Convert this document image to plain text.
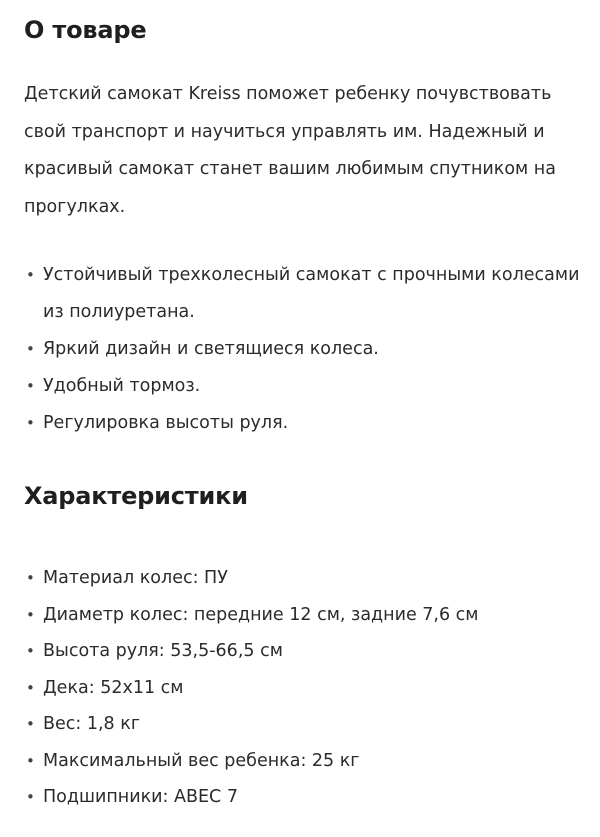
О товаре

Детский самокат Kreiss поможет ребенку почувствовать свой транспорт и научиться управлять им. Надежный и красивый самокат станет вашим любимым спутником на прогулках.

• Устойчивый трехколесный самокат с прочными колесами из полиуретана.
• Яркий дизайн и светящиеся колеса.
• Удобный тормоз.
• Регулировка высоты руля.
Характеристики
• Материал колес: ПУ
• Диаметр колес: передние 12 см, задние 7,6 см
• Высота руля: 53,5-66,5 см
• Дека: 52x11 см
• Вес: 1,8 кг
• Максимальный вес ребенка: 25 кг
• Подшипники: ABEC 7
